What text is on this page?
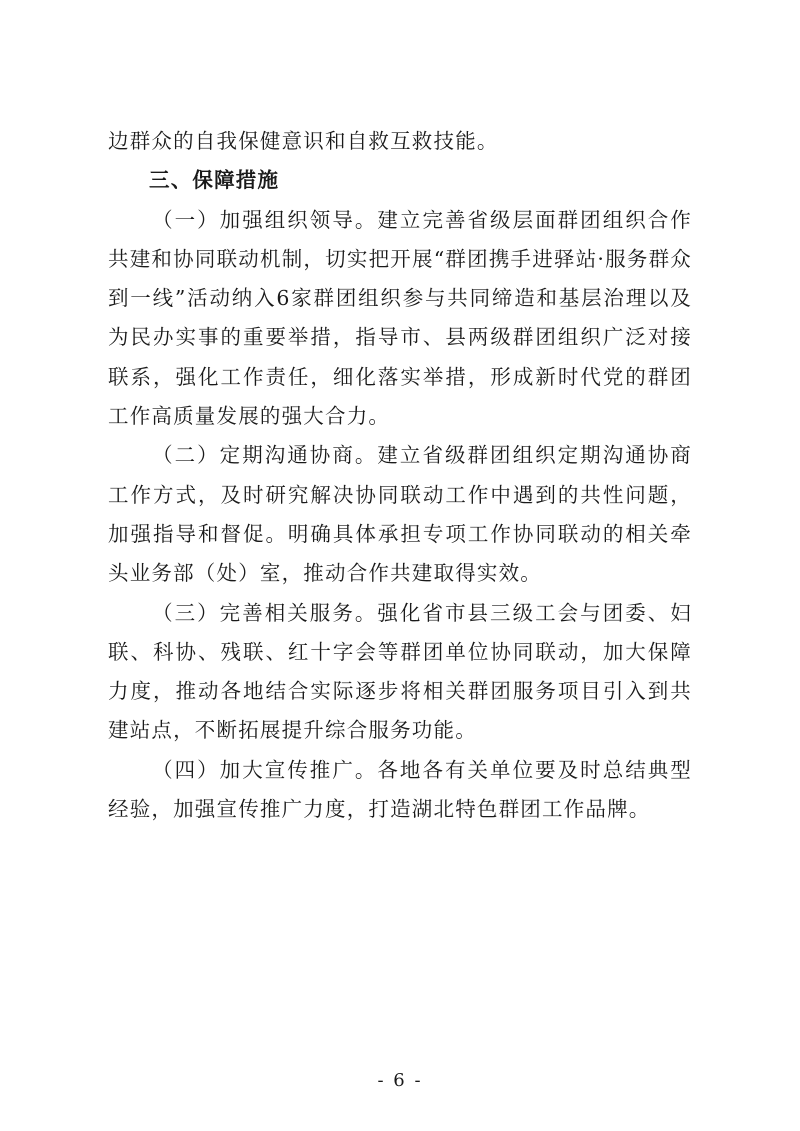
边群众的自我保健意识和自救互救技能。

三、保障措施

（一）加强组织领导。建立完善省级层面群团组织合作共建和协同联动机制，切实把开展“群团携手进驿站·服务群众到一线”活动纳入6家群团组织参与共同缔造和基层治理以及为民办实事的重要举措，指导市、县两级群团组织广泛对接联系，强化工作责任，细化落实举措，形成新时代党的群团工作高质量发展的强大合力。

（二）定期沟通协商。建立省级群团组织定期沟通协商工作方式，及时研究解决协同联动工作中遇到的共性问题，加强指导和督促。明确具体承担专项工作协同联动的相关牵头业务部（处）室，推动合作共建取得实效。

（三）完善相关服务。强化省市县三级工会与团委、妇联、科协、残联、红十字会等群团单位协同联动，加大保障力度，推动各地结合实际逐步将相关群团服务项目引入到共建站点，不断拓展提升综合服务功能。

（四）加大宣传推广。各地各有关单位要及时总结典型经验，加强宣传推广力度，打造湖北特色群团工作品牌。

- 6 -
